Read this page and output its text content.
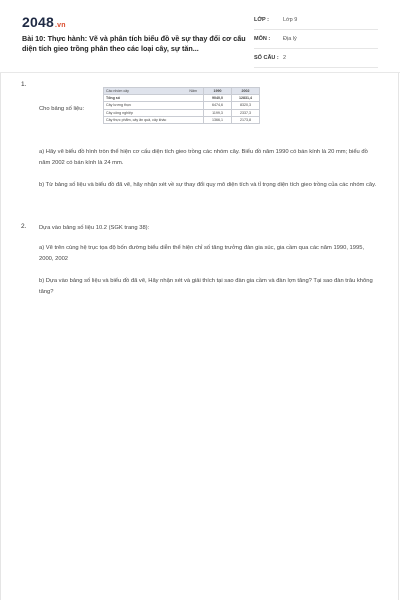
2048.vn
Bài 10: Thực hành: Vẽ và phân tích biểu đồ về sự thay đổi cơ cấu diện tích gieo trồng phân theo các loại cây, sự tăn...
LỚP :	Lớp 9
MÔN : Địa lý
SỐ CÂU : 2
1.
Cho bảng số liệu:
Các nhóm cây Năm	1990	2002
Tổng số	9040,0	12831,4
Cây lương thực	6474,6	8320,3
Cây công nghiệp	1199,3	2337,3
Cây thực phẩm, cây ăn quả, cây khác	1366,1	2173,8
a) Hãy vẽ biểu đồ hình tròn thể hiện cơ cấu diện tích gieo trồng các nhóm cây. Biểu đồ năm 1990 có bán kính là 20 mm; biểu đồ năm 2002 có bán kính là 24 mm.
b) Từ bảng số liệu và biểu đồ đã vẽ, hãy nhận xét về sự thay đổi quy mô diện tích và tỉ trọng diện tích gieo trồng của các nhóm cây.
2. Dựa vào bảng số liệu 10.2 (SGK trang 38):
a) Vẽ trên cùng hệ trục tọa độ bốn đường biểu diễn thể hiện chỉ số tăng trưởng đàn gia súc, gia cầm qua các năm 1990, 1995, 2000, 2002
b) Dựa vào bảng số liệu và biểu đồ đã vẽ, Hãy nhận xét và giải thích tại sao đàn gia cầm và đàn lợn tăng? Tại sao đàn trâu không tăng?
